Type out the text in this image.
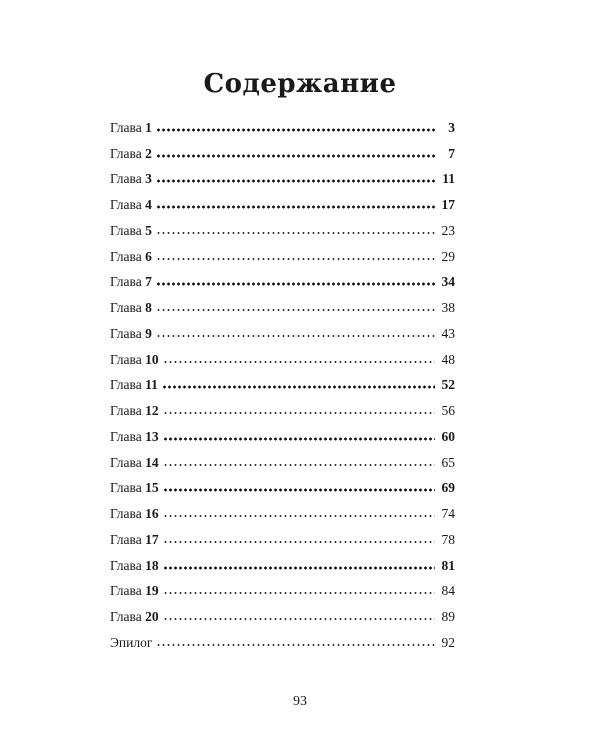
Содержание
Глава 1	3
Глава 2	7
Глава 3	11
Глава 4	17
Глава 5	23
Глава 6	29
Глава 7	34
Глава 8	38
Глава 9	43
Глава 10	48
Глава 11	52
Глава 12	56
Глава 13	60
Глава 14	65
Глава 15	69
Глава 16	74
Глава 17	78
Глава 18	81
Глава 19	84
Глава 20	89
Эпилог	92
93
